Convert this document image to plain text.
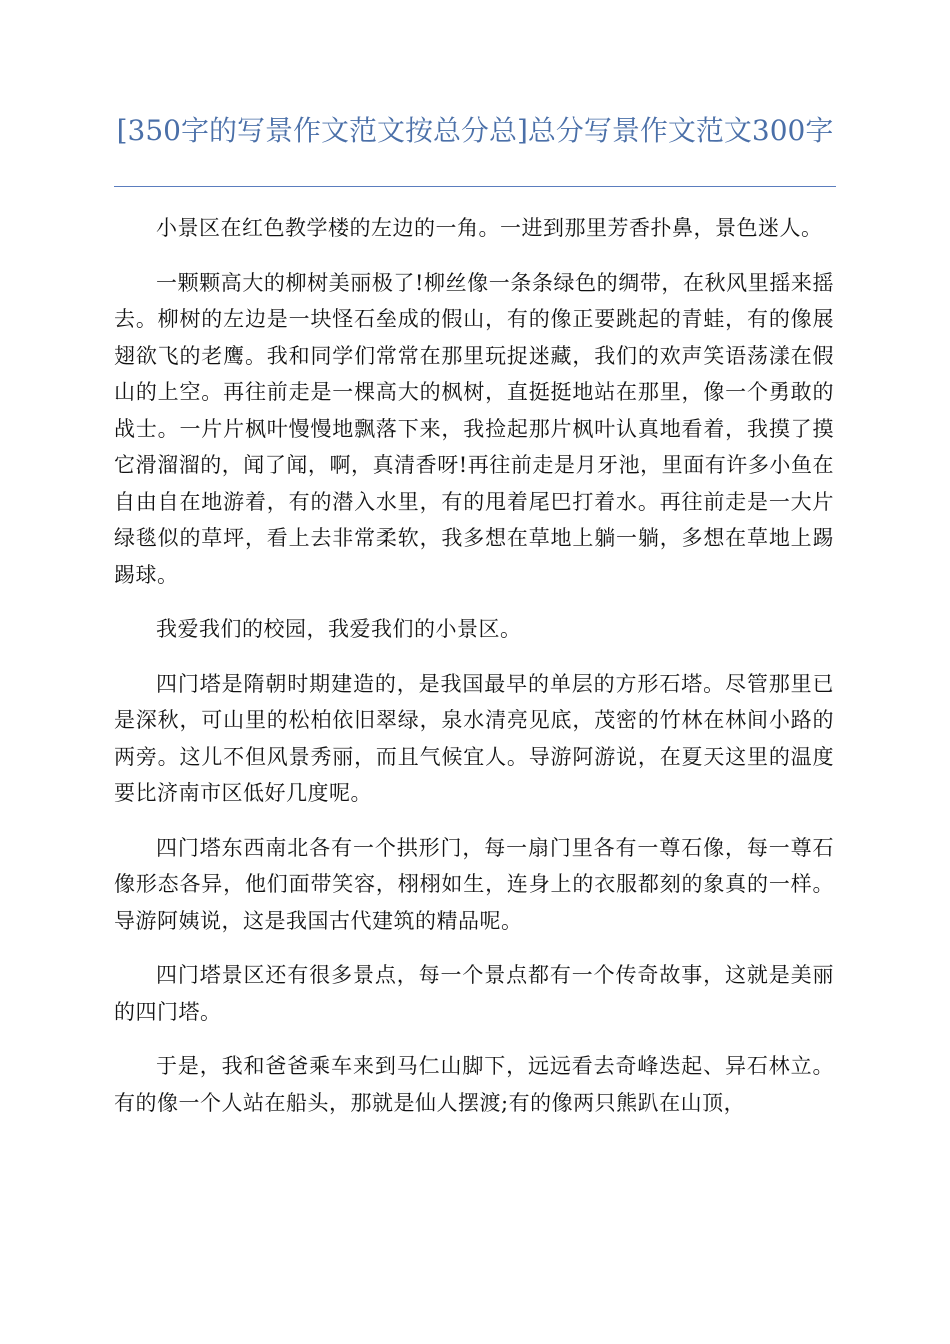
[350字的写景作文范文按总分总]总分写景作文范文300字

小景区在红色教学楼的左边的一角。一进到那里芳香扑鼻，景色迷人。

一颗颗高大的柳树美丽极了!柳丝像一条条绿色的绸带，在秋风里摇来摇去。柳树的左边是一块怪石垒成的假山，有的像正要跳起的青蛙，有的像展翅欲飞的老鹰。我和同学们常常在那里玩捉迷藏，我们的欢声笑语荡漾在假山的上空。再往前走是一棵高大的枫树，直挺挺地站在那里，像一个勇敢的战士。一片片枫叶慢慢地飘落下来，我捡起那片枫叶认真地看着，我摸了摸它滑溜溜的，闻了闻，啊，真清香呀!再往前走是月牙池，里面有许多小鱼在自由自在地游着，有的潜入水里，有的甩着尾巴打着水。再往前走是一大片绿毯似的草坪，看上去非常柔软，我多想在草地上躺一躺，多想在草地上踢踢球。

我爱我们的校园，我爱我们的小景区。

四门塔是隋朝时期建造的，是我国最早的单层的方形石塔。尽管那里已是深秋，可山里的松柏依旧翠绿，泉水清亮见底，茂密的竹林在林间小路的两旁。这儿不但风景秀丽，而且气候宜人。导游阿游说，在夏天这里的温度要比济南市区低好几度呢。

四门塔东西南北各有一个拱形门，每一扇门里各有一尊石像，每一尊石像形态各异，他们面带笑容，栩栩如生，连身上的衣服都刻的象真的一样。导游阿姨说，这是我国古代建筑的精品呢。

四门塔景区还有很多景点，每一个景点都有一个传奇故事，这就是美丽的四门塔。

于是，我和爸爸乘车来到马仁山脚下，远远看去奇峰迭起、异石林立。有的像一个人站在船头，那就是仙人摆渡;有的像两只熊趴在山顶，
